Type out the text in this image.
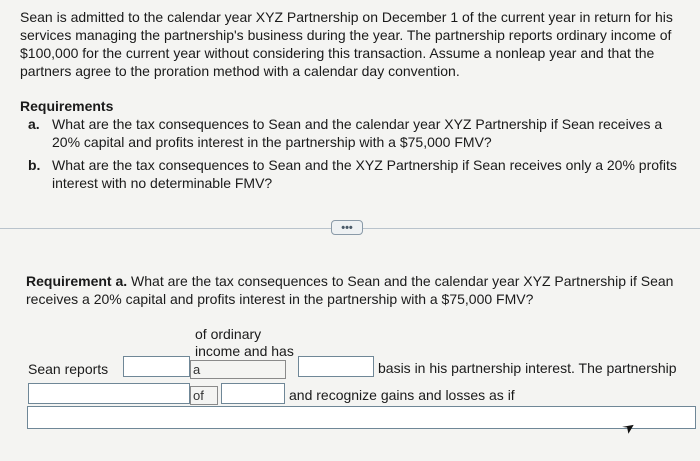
Sean is admitted to the calendar year XYZ Partnership on December 1 of the current year in return for his services managing the partnership's business during the year. The partnership reports ordinary income of $100,000 for the current year without considering this transaction. Assume a nonleap year and that the partners agree to the proration method with a calendar day convention.
Requirements
a. What are the tax consequences to Sean and the calendar year XYZ Partnership if Sean receives a 20% capital and profits interest in the partnership with a $75,000 FMV?
b. What are the tax consequences to Sean and the XYZ Partnership if Sean receives only a 20% profits interest with no determinable FMV?
•••
Requirement a. What are the tax consequences to Sean and the calendar year XYZ Partnership if Sean receives a 20% capital and profits interest in the partnership with a $75,000 FMV?
Sean reports
of ordinary
income and has
a	basis in his partnership interest. The partnership
of	and recognize gains and losses as if
